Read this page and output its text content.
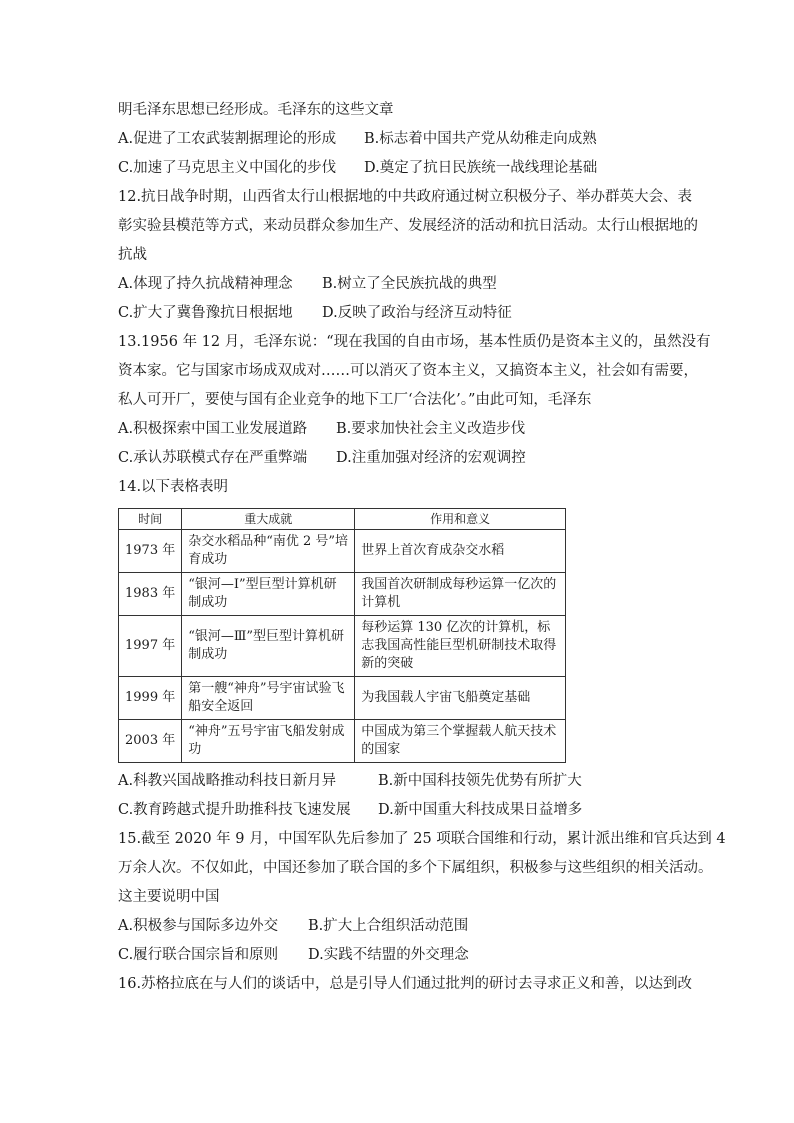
明毛泽东思想已经形成。毛泽东的这些文章
A.促进了工农武装割据理论的形成	B.标志着中国共产党从幼稚走向成熟
C.加速了马克思主义中国化的步伐	D.奠定了抗日民族统一战线理论基础
12.抗日战争时期，山西省太行山根据地的中共政府通过树立积极分子、举办群英大会、表
彰实验县模范等方式，来动员群众参加生产、发展经济的活动和抗日活动。太行山根据地的
抗战
A.体现了持久抗战精神理念	B.树立了全民族抗战的典型
C.扩大了冀鲁豫抗日根据地	D.反映了政治与经济互动特征
13.1956 年 12 月，毛泽东说：“现在我国的自由市场，基本性质仍是资本主义的，虽然没有
资本家。它与国家市场成双成对……可以消灭了资本主义，又搞资本主义，社会如有需要，
私人可开厂，要使与国有企业竞争的地下工厂‘合法化’。”由此可知，毛泽东
A.积极探索中国工业发展道路	B.要求加快社会主义改造步伐
C.承认苏联模式存在严重弊端	D.注重加强对经济的宏观调控
14.以下表格表明
时间	重大成就	作用和意义
1973 年	杂交水稻品种“南优 2 号”培育成功	世界上首次育成杂交水稻
1983 年	“银河—Ⅰ”型巨型计算机研制成功	我国首次研制成每秒运算一亿次的计算机
1997 年	“银河—Ⅲ”型巨型计算机研制成功	每秒运算 130 亿次的计算机，标志我国高性能巨型机研制技术取得新的突破
1999 年	第一艘“神舟”号宇宙试验飞船安全返回	为我国载人宇宙飞船奠定基础
2003 年	“神舟”五号宇宙飞船发射成功	中国成为第三个掌握载人航天技术的国家
A.科教兴国战略推动科技日新月异	B.新中国科技领先优势有所扩大
C.教育跨越式提升助推科技飞速发展	D.新中国重大科技成果日益增多
15.截至 2020 年 9 月，中国军队先后参加了 25 项联合国维和行动，累计派出维和官兵达到 4
万余人次。不仅如此，中国还参加了联合国的多个下属组织，积极参与这些组织的相关活动。
这主要说明中国
A.积极参与国际多边外交	B.扩大上合组织活动范围
C.履行联合国宗旨和原则	D.实践不结盟的外交理念
16.苏格拉底在与人们的谈话中，总是引导人们通过批判的研讨去寻求正义和善，以达到改
